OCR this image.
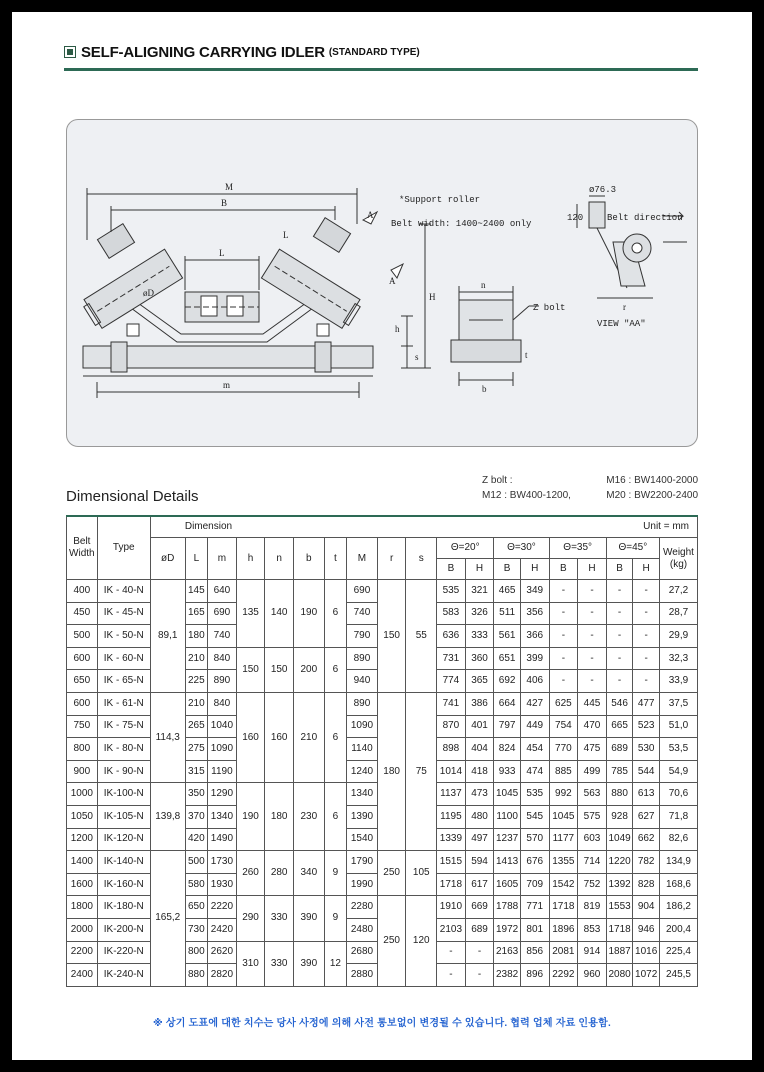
SELF-ALIGNING CARRYING IDLER (STANDARD TYPE)
M
B
L
L
øD	H
h
s
m
n
b
t
r
ø76.3
120
A
A
*Support roller
Belt width: 1400~2400 only
Belt direction
Z bolt
VIEW "AA"
Dimensional Details
Z bolt :	M16 : BW1400-2000
M12 : BW400-1200,	M20 : BW2200-2400
Belt Width	Type	Dimension Unit = mm																		

		øD	L	m	h	n	b	t	M	r	s	Θ=20°		Θ=30°		Θ=35°		Θ=45°		Weight (kg)
												B	H	B	H	B	H	B	H	
400	IK - 40-N	89,1	145	640	135	140	190	6	690	150	55	535	321	465	349	-	-	-	-	27,2
450	IK - 45-N		165	690					740			583	326	511	356	-	-	-	-	28,7
500	IK - 50-N		180	740					790			636	333	561	366	-	-	-	-	29,9
600	IK - 60-N		210	840	150	150	200	6	890			731	360	651	399	-	-	-	-	32,3
650	IK - 65-N		225	890					940			774	365	692	406	-	-	-	-	33,9
600	IK - 61-N	114,3	210	840	160	160	210	6	890	180	75	741	386	664	427	625	445	546	477	37,5
750	IK - 75-N		265	1040					1090			870	401	797	449	754	470	665	523	51,0
800	IK - 80-N		275	1090					1140			898	404	824	454	770	475	689	530	53,5
900	IK - 90-N		315	1190					1240			1014	418	933	474	885	499	785	544	54,9
1000	IK-100-N	139,8	350	1290	190	180	230	6	1340			1137	473	1045	535	992	563	880	613	70,6
1050	IK-105-N		370	1340					1390			1195	480	1100	545	1045	575	928	627	71,8
1200	IK-120-N		420	1490					1540			1339	497	1237	570	1177	603	1049	662	82,6
1400	IK-140-N	165,2	500	1730	260	280	340	9	1790	250	105	1515	594	1413	676	1355	714	1220	782	134,9
1600	IK-160-N		580	1930					1990			1718	617	1605	709	1542	752	1392	828	168,6
1800	IK-180-N		650	2220	290	330	390	9	2280	250	120	1910	669	1788	771	1718	819	1553	904	186,2
2000	IK-200-N		730	2420					2480			2103	689	1972	801	1896	853	1718	946	200,4
2200	IK-220-N		800	2620	310	330	390	12	2680			-	-	2163	856	2081	914	1887	1016	225,4
2400	IK-240-N		880	2820					2880			-	-	2382	896	2292	960	2080	1072	245,5
※ 상기 도표에 대한 치수는 당사 사정에 의해 사전 통보없이 변경될 수 있습니다. 협력 업체 자료 인용함.
